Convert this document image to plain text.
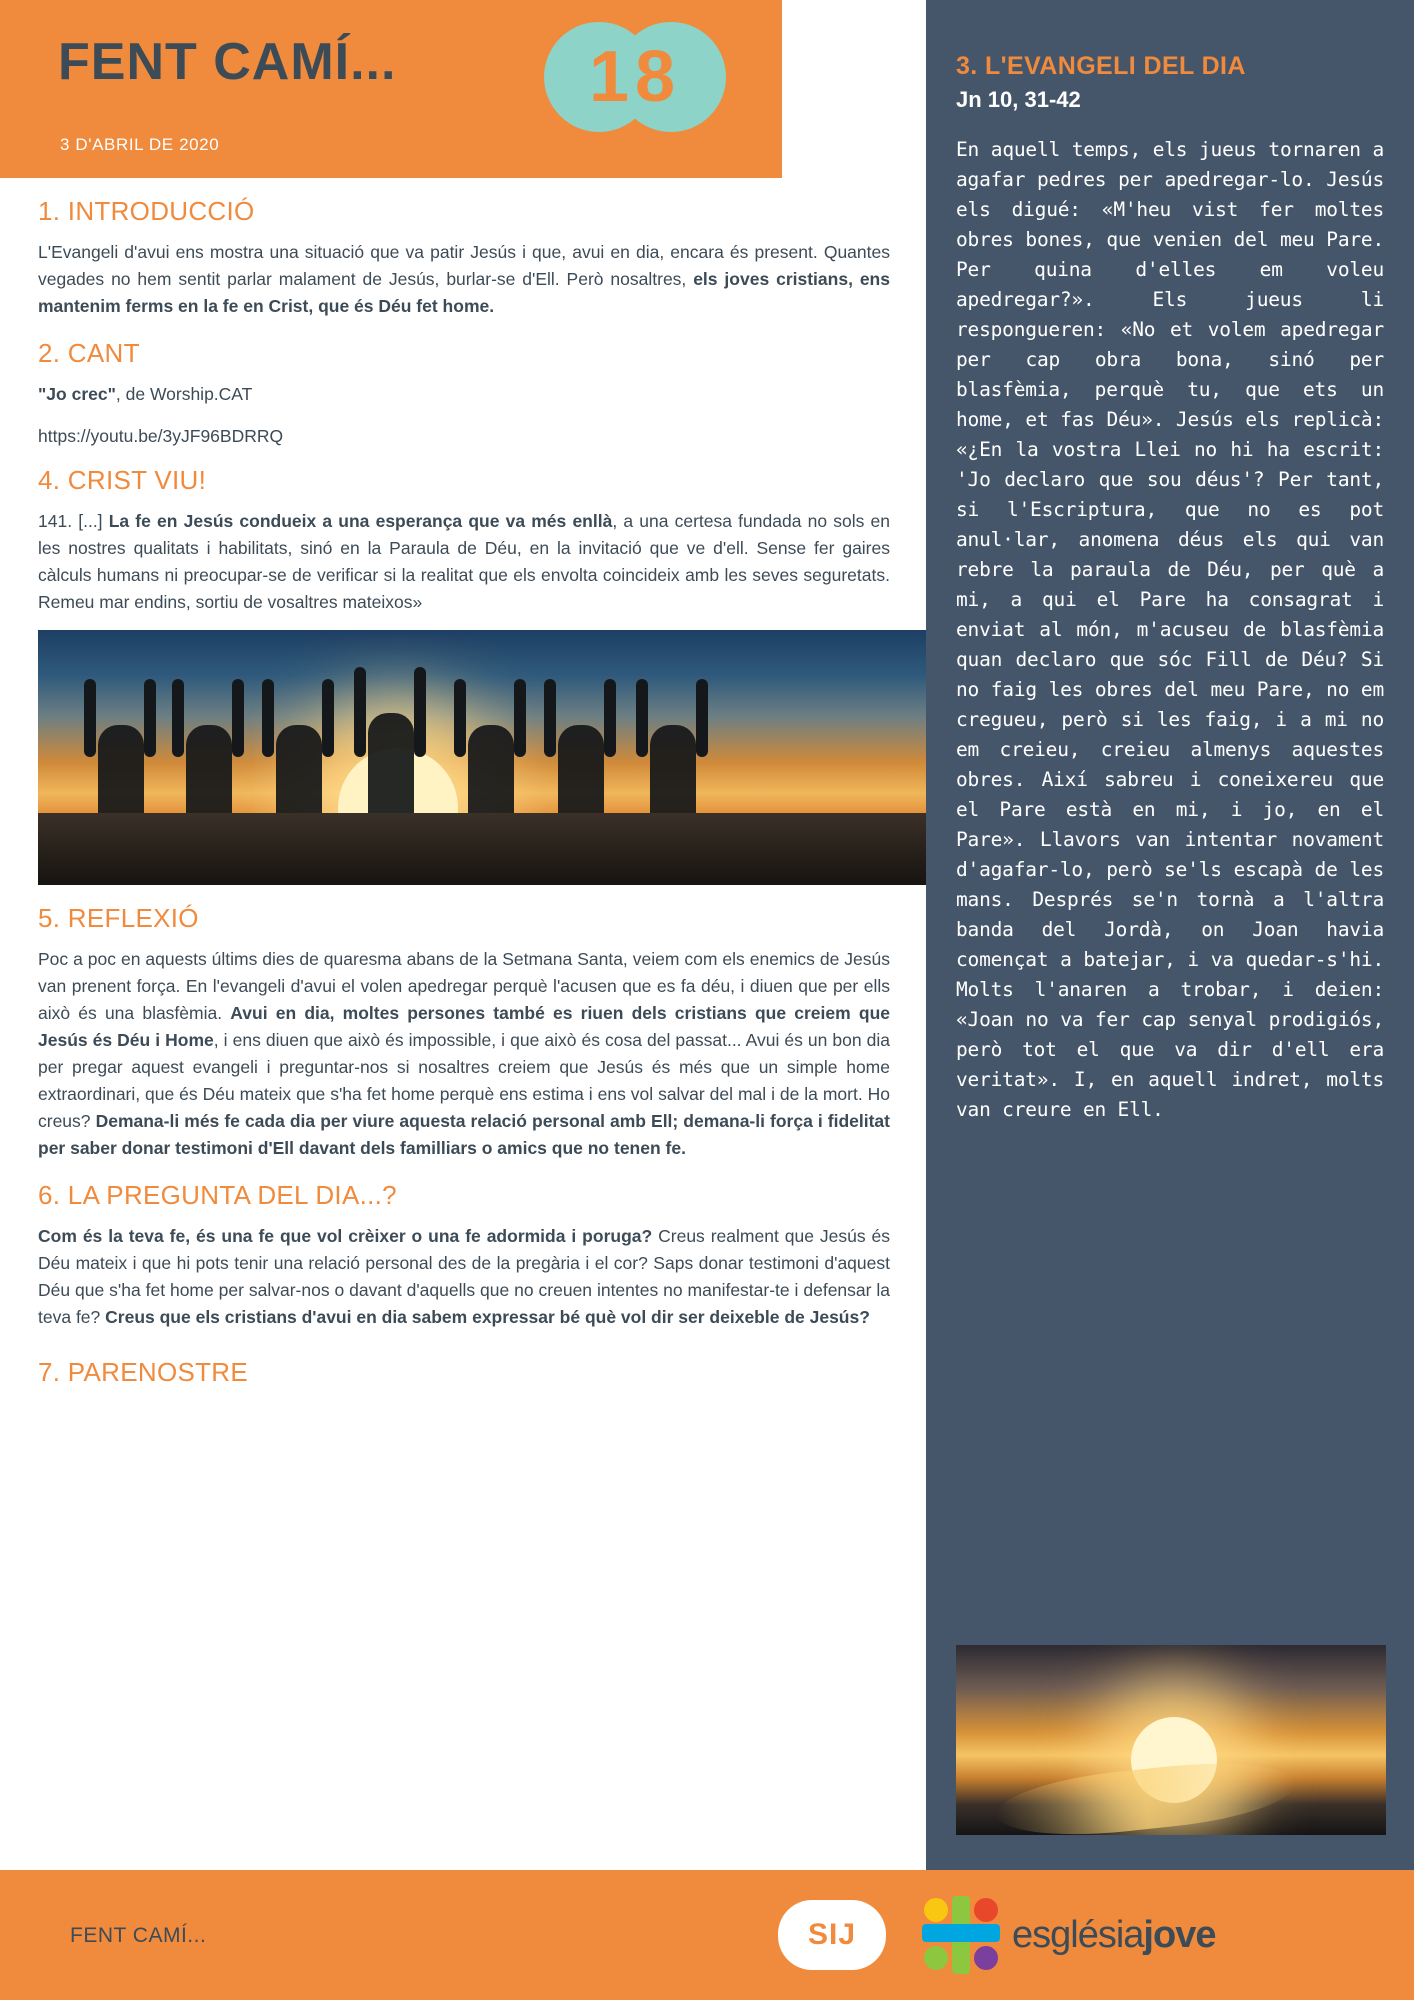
FENT CAMÍ...
3 D'ABRIL DE 2020
18
1. INTRODUCCIÓ

L'Evangeli d'avui ens mostra una situació que va patir Jesús i que, avui en dia, encara és present. Quantes vegades no hem sentit parlar malament de Jesús, burlar-se d'Ell. Però nosaltres, els joves cristians, ens mantenim ferms en la fe en Crist, que és Déu fet home.

2. CANT

"Jo crec", de Worship.CAT

https://youtu.be/3yJF96BDRRQ

4. CRIST VIU!

141. [...] La fe en Jesús condueix a una esperança que va més enllà, a una certesa fundada no sols en les nostres qualitats i habilitats, sinó en la Paraula de Déu, en la invitació que ve d'ell. Sense fer gaires càlculs humans ni preocupar-se de verificar si la realitat que els envolta coincideix amb les seves seguretats. Remeu mar endins, sortiu de vosaltres mateixos»

5. REFLEXIÓ

Poc a poc en aquests últims dies de quaresma abans de la Setmana Santa, veiem com els enemics de Jesús van prenent força. En l'evangeli d'avui el volen apedregar perquè l'acusen que es fa déu, i diuen que per ells això és una blasfèmia. Avui en dia, moltes persones també es riuen dels cristians que creiem que Jesús és Déu i Home, i ens diuen que això és impossible, i que això és cosa del passat... Avui és un bon dia per pregar aquest evangeli i preguntar-nos si nosaltres creiem que Jesús és més que un simple home extraordinari, que és Déu mateix que s'ha fet home perquè ens estima i ens vol salvar del mal i de la mort. Ho creus? Demana-li més fe cada dia per viure aquesta relació personal amb Ell; demana-li força i fidelitat per saber donar testimoni d'Ell davant dels familliars o amics que no tenen fe.

6. LA PREGUNTA DEL DIA...?

Com és la teva fe, és una fe que vol crèixer o una fe adormida i poruga? Creus realment que Jesús és Déu mateix i que hi pots tenir una relació personal des de la pregària i el cor? Saps donar testimoni d'aquest Déu que s'ha fet home per salvar-nos o davant d'aquells que no creuen intentes no manifestar-te i defensar la teva fe? Creus que els cristians d'avui en dia sabem expressar bé què vol dir ser deixeble de Jesús?

7. PARENOSTRE
3. L'EVANGELI DEL DIA
Jn 10, 31-42
En aquell temps, els jueus tornaren a agafar pedres per apedregar-lo. Jesús els digué: «M'heu vist fer moltes obres bones, que venien del meu Pare. Per quina d'elles em voleu apedregar?». Els jueus li respongueren: «No et volem apedregar per cap obra bona, sinó per blasfèmia, perquè tu, que ets un home, et fas Déu». Jesús els replicà: «¿En la vostra Llei no hi ha escrit: 'Jo declaro que sou déus'? Per tant, si l'Escriptura, que no es pot anul·lar, anomena déus els qui van rebre la paraula de Déu, per què a mi, a qui el Pare ha consagrat i enviat al món, m'acuseu de blasfèmia quan declaro que sóc Fill de Déu? Si no faig les obres del meu Pare, no em cregueu, però si les faig, i a mi no em creieu, creieu almenys aquestes obres. Així sabreu i coneixereu que el Pare està en mi, i jo, en el Pare». Llavors van intentar novament d'agafar-lo, però se'ls escapà de les mans. Després se'n tornà a l'altra banda del Jordà, on Joan havia començat a batejar, i va quedar-s'hi. Molts l'anaren a trobar, i deien: «Joan no va fer cap senyal prodigiós, però tot el que va dir d'ell era veritat». I, en aquell indret, molts van creure en Ell.
FENT CAMÍ...	SIJ	esglésiajove
